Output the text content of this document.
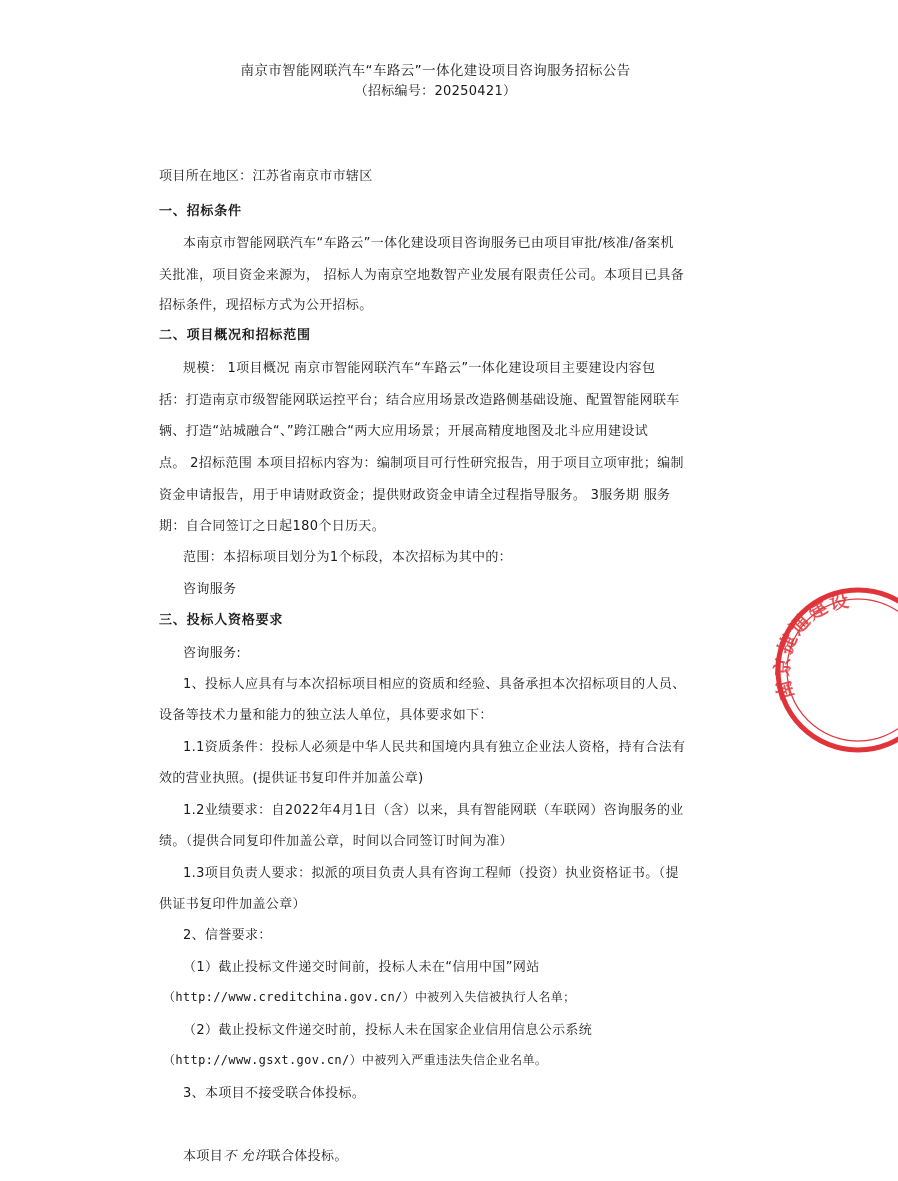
南京市智能网联汽车“车路云”一体化建设项目咨询服务招标公告
（招标编号：20250421）
项目所在地区：江苏省南京市市辖区
一、招标条件
本南京市智能网联汽车“车路云”一体化建设项目咨询服务已由项目审批/核准/备案机
关批准，项目资金来源为， 招标人为南京空地数智产业发展有限责任公司。本项目已具备
招标条件，现招标方式为公开招标。
二、项目概况和招标范围
规模： 1项目概况 南京市智能网联汽车“车路云”一体化建设项目主要建设内容包
括：打造南京市级智能网联运控平台；结合应用场景改造路侧基础设施、配置智能网联车
辆、打造“站城融合“、”跨江融合“两大应用场景；开展高精度地图及北斗应用建设试
点。 2招标范围 本项目招标内容为：编制项目可行性研究报告，用于项目立项审批；编制
资金申请报告，用于申请财政资金；提供财政资金申请全过程指导服务。 3服务期 服务
期：自合同签订之日起180个日历天。
范围：本招标项目划分为1个标段，本次招标为其中的：
咨询服务
三、投标人资格要求
咨询服务:
1、投标人应具有与本次招标项目相应的资质和经验、具备承担本次招标项目的人员、
设备等技术力量和能力的独立法人单位，具体要求如下：
1.1资质条件：投标人必须是中华人民共和国境内具有独立企业法人资格，持有合法有
效的营业执照。(提供证书复印件并加盖公章)
1.2业绩要求：自2022年4月1日（含）以来，具有智能网联（车联网）咨询服务的业
绩。（提供合同复印件加盖公章，时间以合同签订时间为准）
1.3项目负责人要求：拟派的项目负责人具有咨询工程师（投资）执业资格证书。（提
供证书复印件加盖公章）
2、信誉要求：
（1）截止投标文件递交时间前，投标人未在“信用中国”网站
（http://www.creditchina.gov.cn/）中被列入失信被执行人名单；
（2）截止投标文件递交时前，投标人未在国家企业信用信息公示系统
（http://www.gsxt.gov.cn/）中被列入严重违法失信企业名单。
3、本项目不接受联合体投标。
本项目不 允许联合体投标。
南京捷通建设
